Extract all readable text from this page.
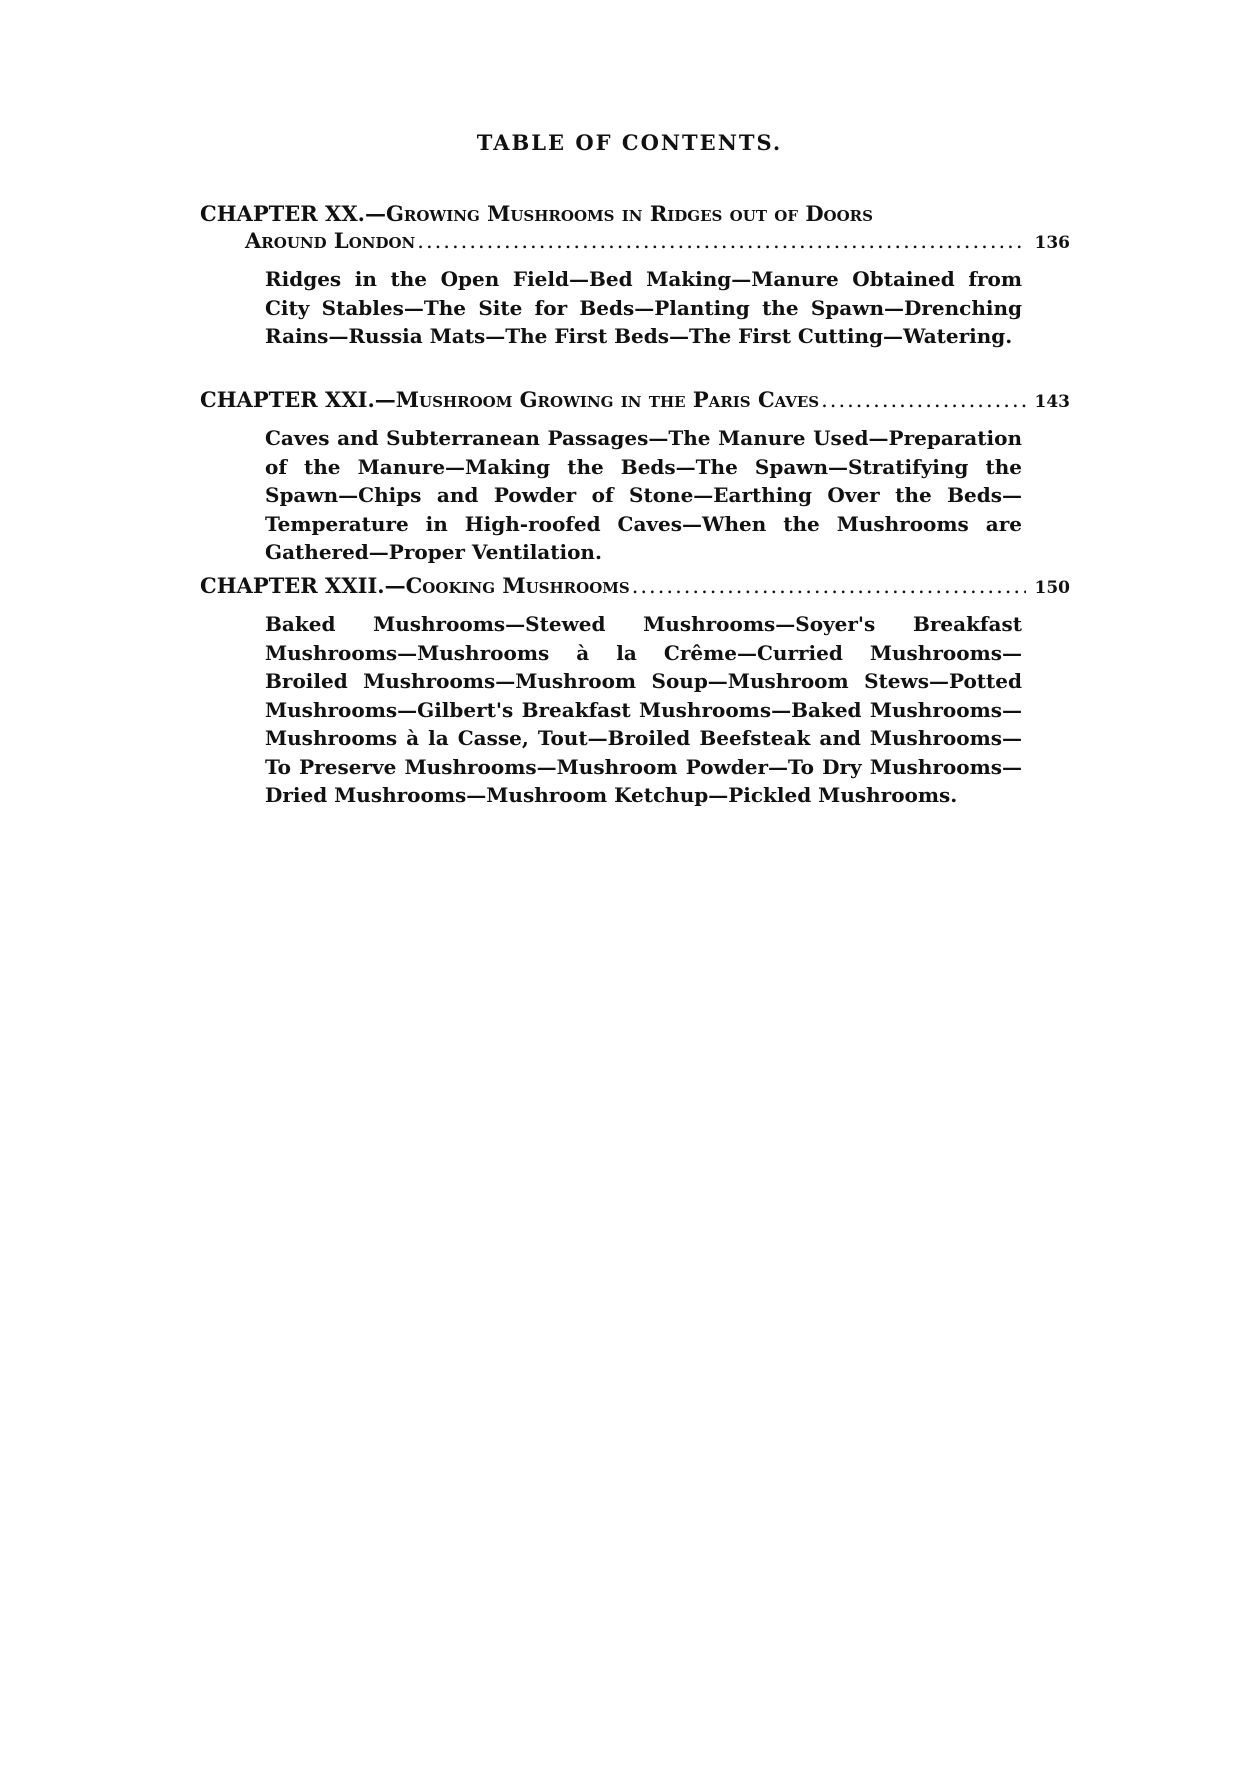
TABLE OF CONTENTS.
CHAPTER XX. —Growing Mushrooms in Ridges out of Doors
Around London .....	136
Ridges in the Open Field—Bed Making—Manure Obtained from City Stables—The Site for Beds—Planting the Spawn—Drenching Rains—Russia Mats—The First Beds—The First Cutting—Watering.
CHAPTER XXI. —Mushroom Growing in the Paris Caves .....	143
Caves and Subterranean Passages—The Manure Used—Preparation of the Manure—Making the Beds—The Spawn—Stratifying the Spawn—Chips and Powder of Stone—Earthing Over the Beds—Temperature in High-roofed Caves—When the Mushrooms are Gathered—Proper Ventilation.
CHAPTER XXII. —Cooking Mushrooms .....	150
Baked Mushrooms—Stewed Mushrooms—Soyer's Breakfast Mushrooms—Mushrooms à la Crême—Curried Mushrooms—Broiled Mushrooms—Mushroom Soup—Mushroom Stews—Potted Mushrooms—Gilbert's Breakfast Mushrooms—Baked Mushrooms—Mushrooms à la Casse, Tout—Broiled Beefsteak and Mushrooms—To Preserve Mushrooms—Mushroom Powder—To Dry Mushrooms—Dried Mushrooms—Mushroom Ketchup—Pickled Mushrooms.
